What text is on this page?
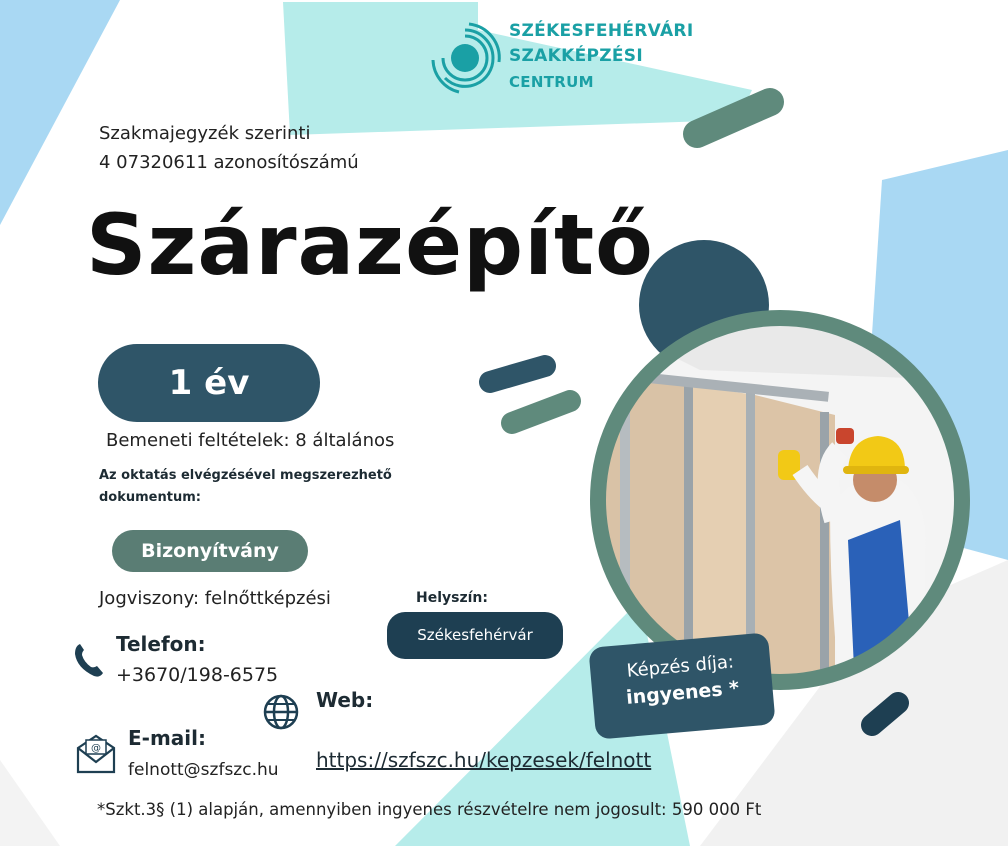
SZÉKESFEHÉRVÁRI
SZAKKÉPZÉSI
CENTRUM
Szakmajegyzék szerinti
4 07320611 azonosítószámú
Szárazépítő
1 év
Bemeneti feltételek: 8 általános
Az oktatás elvégzésével megszerezhető
dokumentum:
Bizonyítvány
Jogviszony: felnőttképzési	Helyszín:
Székesfehérvár
Telefon:
+3670/198-6575
Web:
https://szfszc.hu/kepzesek/felnott
@ E-mail:
felnott@szfszc.hu
Képzés díja:
ingyenes *
*Szkt.3§ (1) alapján, amennyiben ingyenes részvételre nem jogosult: 590 000 Ft
